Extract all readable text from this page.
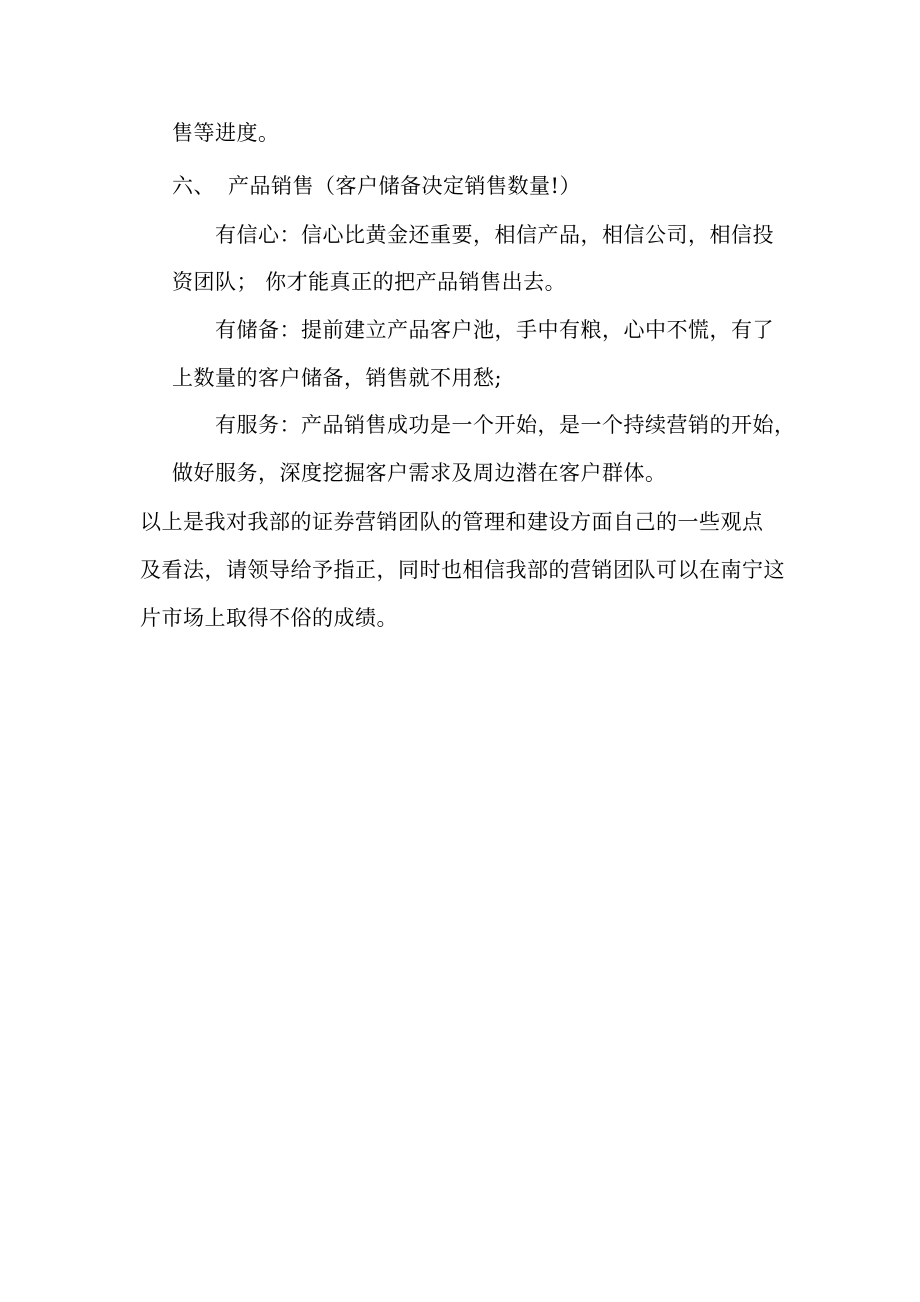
售等进度。
六、 产品销售（客户储备决定销售数量!）
有信心：信心比黄金还重要，相信产品，相信公司，相信投
资团队； 你才能真正的把产品销售出去。
有储备：提前建立产品客户池，手中有粮，心中不慌，有了
上数量的客户储备，销售就不用愁;
有服务：产品销售成功是一个开始，是一个持续营销的开始，
做好服务，深度挖掘客户需求及周边潜在客户群体。
以上是我对我部的证券营销团队的管理和建设方面自己的一些观点
及看法，请领导给予指正，同时也相信我部的营销团队可以在南宁这
片市场上取得不俗的成绩。
